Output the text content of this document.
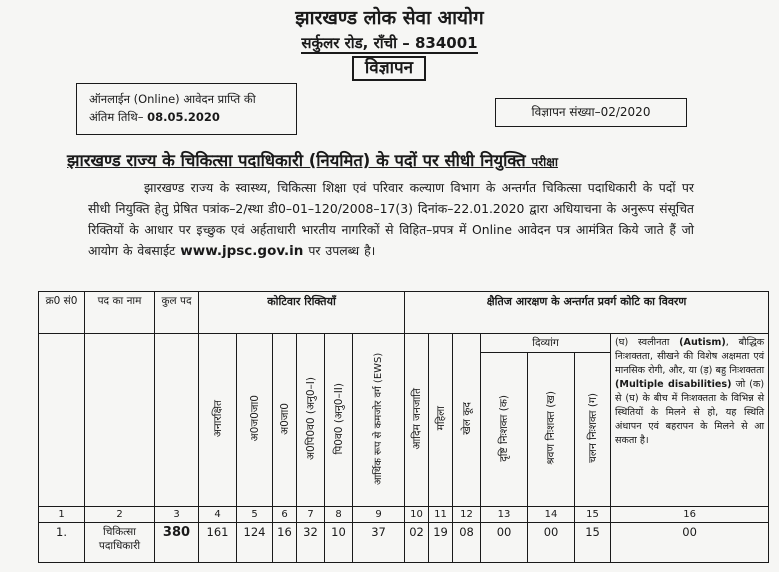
झारखण्ड लोक सेवा आयोग
सर्कुलर रोड, राँची – 834001
विज्ञापन
ऑनलाईन (Online) आवेदन प्राप्ति की
अंतिम तिथि– 08.05.2020	विज्ञापन संख्या–02/2020
झारखण्ड राज्य के चिकित्सा पदाधिकारी (नियमित) के पदों पर सीधी नियुक्ति परीक्षा
झारखण्ड राज्य के स्वास्थ्य, चिकित्सा शिक्षा एवं परिवार कल्याण विभाग के अन्तर्गत चिकित्सा पदाधिकारी के पदों पर सीधी नियुक्ति हेतु प्रेषित पत्रांक–2/स्था डी0–01–120/2008–17(3) दिनांक–22.01.2020 द्वारा अधियाचना के अनुरूप संसूचित रिक्तियों के आधार पर इच्छुक एवं अर्हताधारी भारतीय नागरिकों से विहित–प्रपत्र में Online आवेदन पत्र आमंत्रित किये जाते हैं जो आयोग के वेबसाईट www.jpsc.gov.in पर उपलब्ध है।
क्र0 सं0	पद का नाम	कुल पद	कोटिवार रिक्तियाँ						क्षैतिज आरक्षण के अन्तर्गत प्रवर्ग कोटि का विवरण						
			अनारक्षित	अ0ज0जा0	अ0जा0	अ0पि0व0 (अनु0–I)	पि0व0 (अनु0–II)	आर्थिक रूप से कमजोर वर्ग (EWS)	आदिम जनजाति	महिला	खेल कूद	दिव्यांग			(घ) स्वलीनता (Autism), बौद्धिक निःशक्तता, सीखने की विशेष अक्षमता एवं मानसिक रोगी, और, या (ड़) बहु निःशक्तता (Multiple disabilities) जो (क) से (घ) के बीच में निःशक्तता के विभिन्न से स्थितियों के मिलने से हो, यह स्थिति अंधापन एवं बहरापन के मिलने से आ सकता है।
												दृष्टि निःशक्त (क)	श्रवण निःशक्त (ख)	चलन निःशक्त (ग)	
1	2	3	4	5	6	7	8	9	10	11	12	13	14	15	16
1.	चिकित्सा पदाधिकारी	380	161	124	16	32	10	37	02	19	08	00	00	15	00
